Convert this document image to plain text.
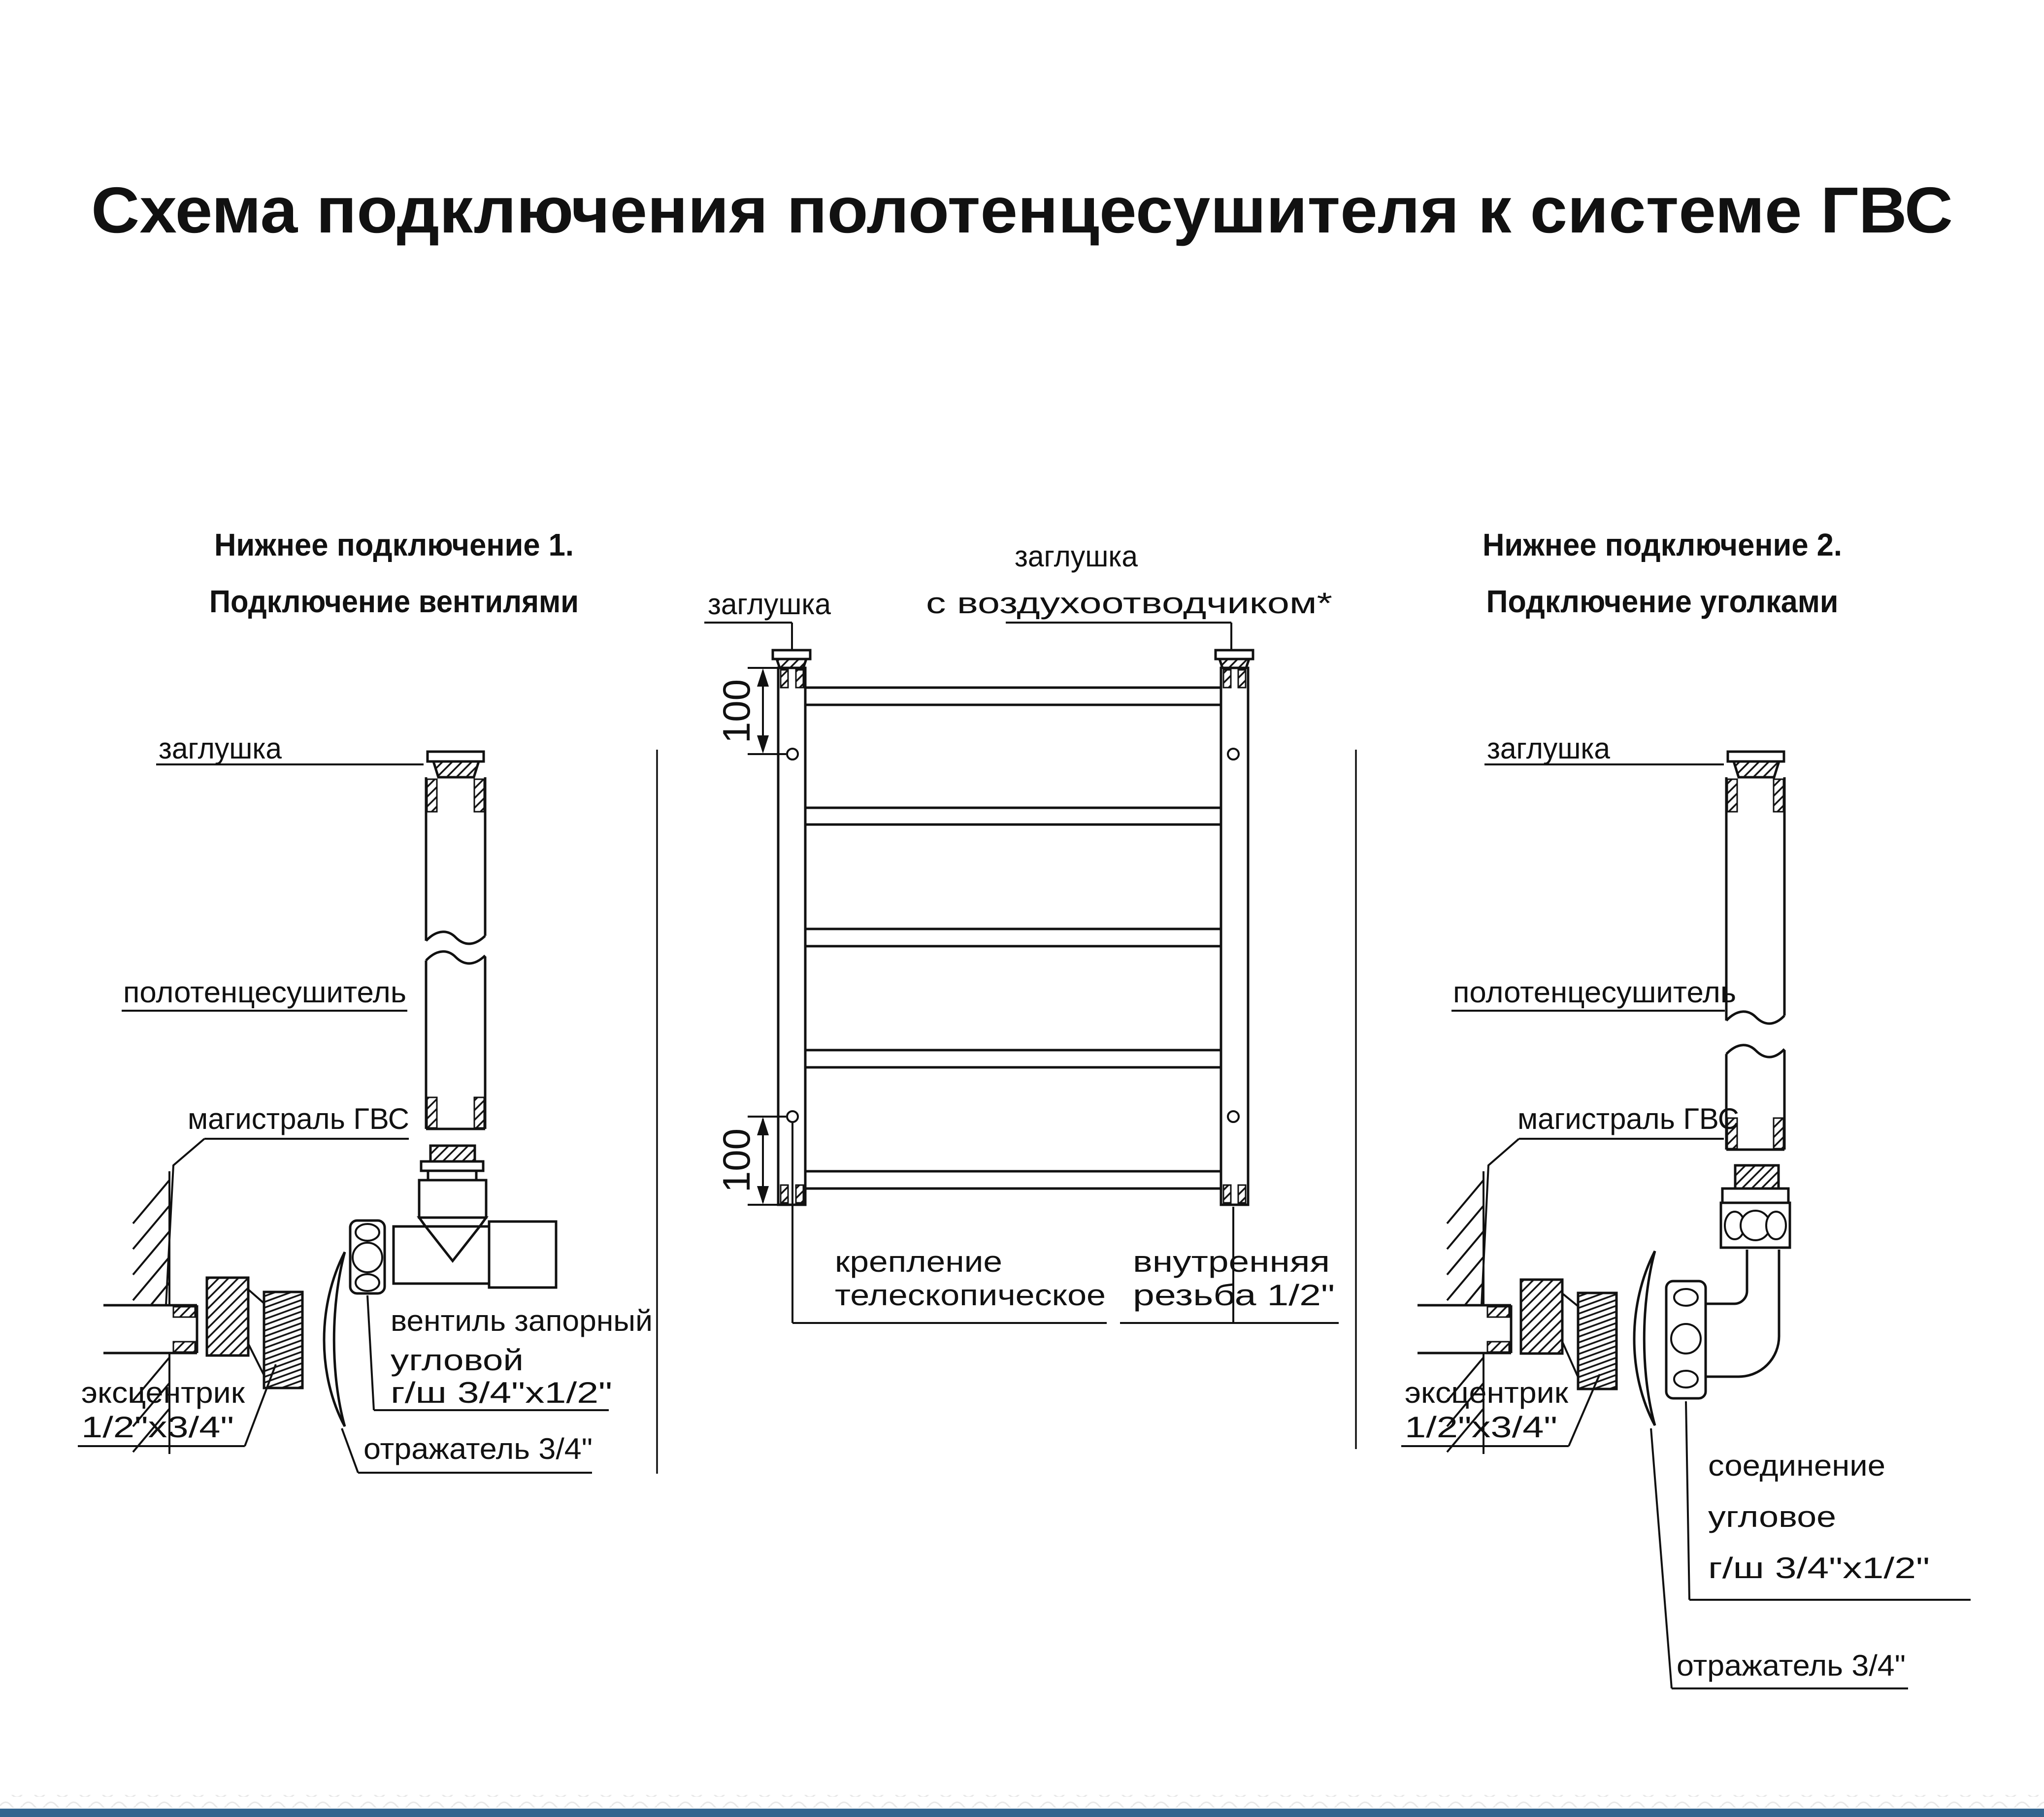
Схема подключения полотенцесушителя к системе ГВС
Нижнее подключение 1.
Подключение вентилями
Нижнее подключение 2.
Подключение уголками
100
100
заглушка
заглушка
с воздухоотводчиком*
крепление
телескопическое
внутренняя
резьба 1/2"
заглушка
полотенцесушитель
магистраль ГВС
вентиль запорный
угловой
г/ш 3/4"x1/2"
отражатель 3/4"
эксцентрик
1/2"x3/4"
заглушка
полотенцесушитель
магистраль ГВС
эксцентрик
1/2"x3/4"
соединение
угловое
г/ш 3/4"x1/2"
отражатель 3/4"
